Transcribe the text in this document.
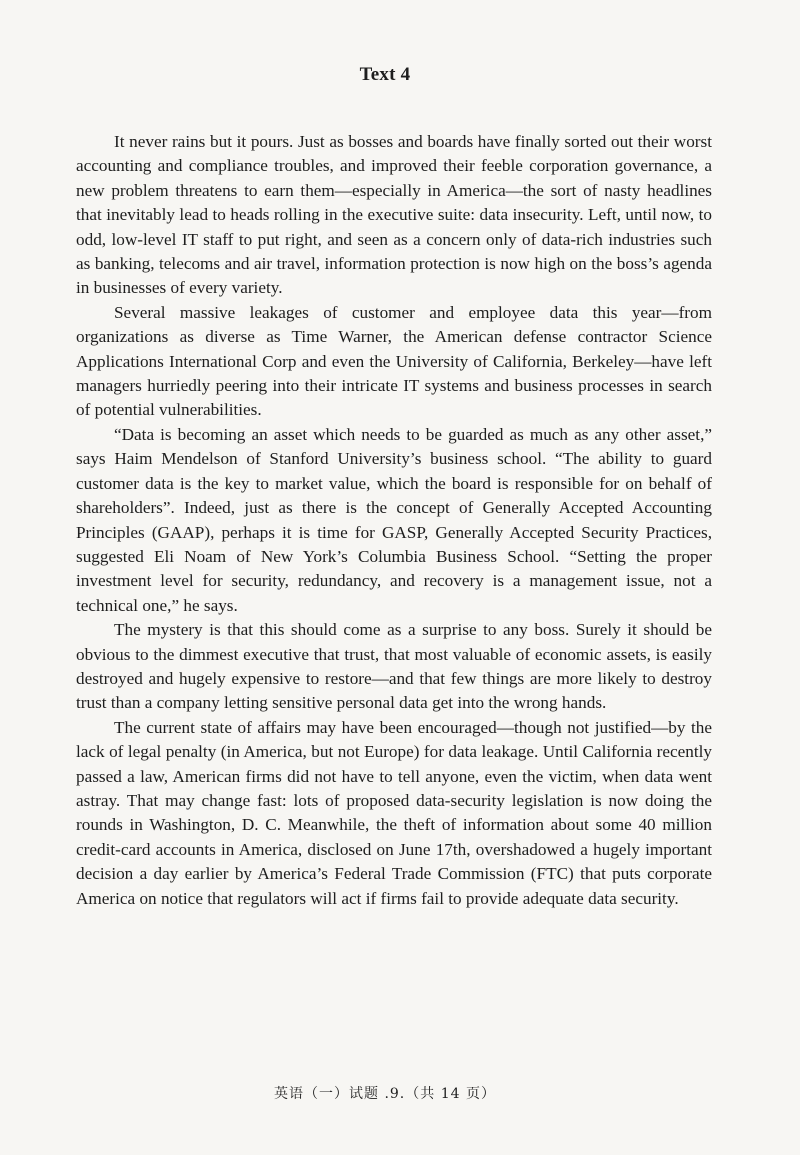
Text 4

It never rains but it pours. Just as bosses and boards have finally sorted out their worst accounting and compliance troubles, and improved their feeble corporation governance, a new problem threatens to earn them—especially in America—the sort of nasty headlines that inevitably lead to heads rolling in the executive suite: data insecurity. Left, until now, to odd, low-level IT staff to put right, and seen as a concern only of data-rich industries such as banking, telecoms and air travel, information protection is now high on the boss’s agenda in businesses of every variety.

Several massive leakages of customer and employee data this year—from organizations as diverse as Time Warner, the American defense contractor Science Applications International Corp and even the University of California, Berkeley—have left managers hurriedly peering into their intricate IT systems and business processes in search of potential vulnerabilities.

“Data is becoming an asset which needs to be guarded as much as any other asset,” says Haim Mendelson of Stanford University’s business school. “The ability to guard customer data is the key to market value, which the board is responsible for on behalf of shareholders”. Indeed, just as there is the concept of Generally Accepted Accounting Principles (GAAP), perhaps it is time for GASP, Generally Accepted Security Practices, suggested Eli Noam of New York’s Columbia Business School. “Setting the proper investment level for security, redundancy, and recovery is a management issue, not a technical one,” he says.

The mystery is that this should come as a surprise to any boss. Surely it should be obvious to the dimmest executive that trust, that most valuable of economic assets, is easily destroyed and hugely expensive to restore—and that few things are more likely to destroy trust than a company letting sensitive personal data get into the wrong hands.

The current state of affairs may have been encouraged—though not justified—by the lack of legal penalty (in America, but not Europe) for data leakage. Until California recently passed a law, American firms did not have to tell anyone, even the victim, when data went astray. That may change fast: lots of proposed data-security legislation is now doing the rounds in Washington, D. C. Meanwhile, the theft of information about some 40 million credit-card accounts in America, disclosed on June 17th, overshadowed a hugely important decision a day earlier by America’s Federal Trade Commission (FTC) that puts corporate America on notice that regulators will act if firms fail to provide adequate data security.

英语（一）试题 .9.（共 14 页）
